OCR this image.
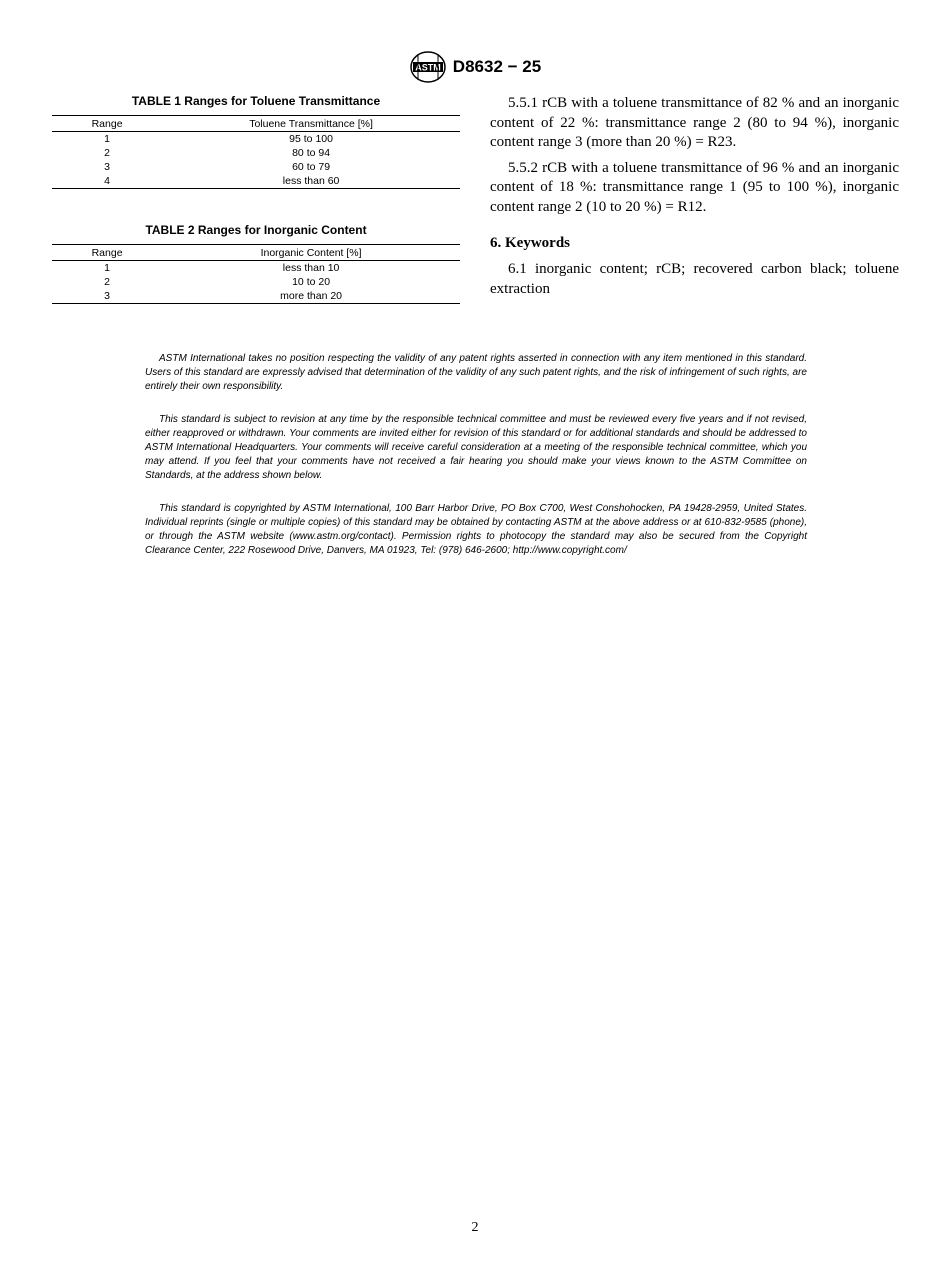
ASTM D8632 − 25
TABLE 1 Ranges for Toluene Transmittance
Range	Toluene Transmittance [%]
1	95 to 100
2	80 to 94
3	60 to 79
4	less than 60
TABLE 2 Ranges for Inorganic Content
Range	Inorganic Content [%]
1	less than 10
2	10 to 20
3	more than 20

5.5.1 rCB with a toluene transmittance of 82 % and an inorganic content of 22 %: transmittance range 2 (80 to 94 %), inorganic content range 3 (more than 20 %) = R23.

5.5.2 rCB with a toluene transmittance of 96 % and an inorganic content of 18 %: transmittance range 1 (95 to 100 %), inorganic content range 2 (10 to 20 %) = R12.

6. Keywords

6.1 inorganic content; rCB; recovered carbon black; toluene extraction

ASTM International takes no position respecting the validity of any patent rights asserted in connection with any item mentioned in this standard. Users of this standard are expressly advised that determination of the validity of any such patent rights, and the risk of infringement of such rights, are entirely their own responsibility.

This standard is subject to revision at any time by the responsible technical committee and must be reviewed every five years and if not revised, either reapproved or withdrawn. Your comments are invited either for revision of this standard or for additional standards and should be addressed to ASTM International Headquarters. Your comments will receive careful consideration at a meeting of the responsible technical committee, which you may attend. If you feel that your comments have not received a fair hearing you should make your views known to the ASTM Committee on Standards, at the address shown below.

This standard is copyrighted by ASTM International, 100 Barr Harbor Drive, PO Box C700, West Conshohocken, PA 19428-2959, United States. Individual reprints (single or multiple copies) of this standard may be obtained by contacting ASTM at the above address or at 610-832-9585 (phone), or through the ASTM website (www.astm.org/contact). Permission rights to photocopy the standard may also be secured from the Copyright Clearance Center, 222 Rosewood Drive, Danvers, MA 01923, Tel: (978) 646-2600; http://www.copyright.com/

2
